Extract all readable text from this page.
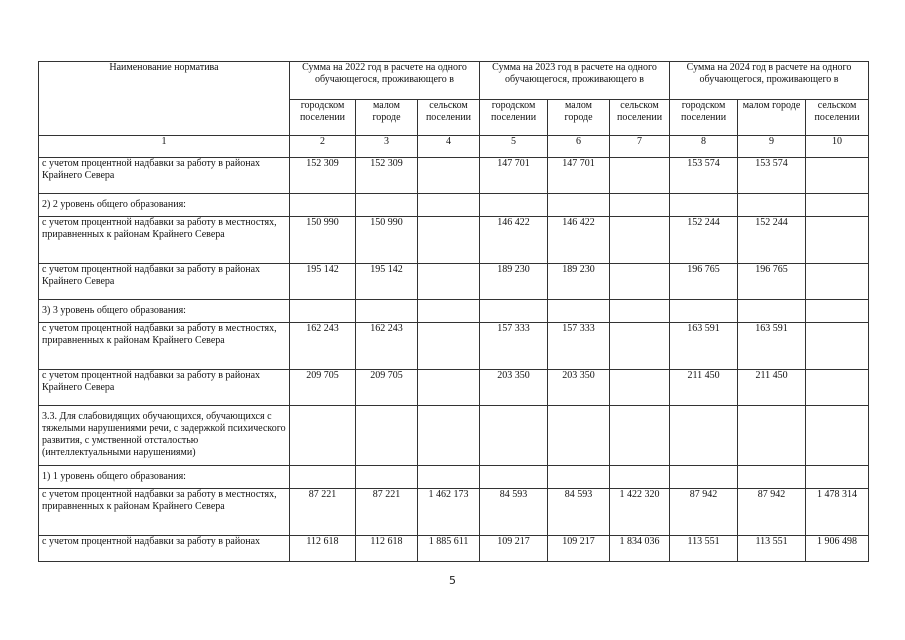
Наименование норматива	Сумма на 2022 год в расчете на одного обучающегося, проживающего в			Сумма на 2023 год в расчете на одного обучающегося, проживающего в			Сумма на 2024 год в расчете на одного обучающегося, проживающего в		
	городском поселении	малом городе	сельском поселении	городском поселении	малом городе	сельском поселении	городском поселении	малом городе	сельском поселении
1	2	3	4	5	6	7	8	9	10
с учетом процентной надбавки за работу в районах Крайнего Севера	152 309	152 309		147 701	147 701		153 574	153 574	
2) 2 уровень общего образования:									
с учетом процентной надбавки за работу в местностях, приравненных к районам Крайнего Севера	150 990	150 990		146 422	146 422		152 244	152 244	
с учетом процентной надбавки за работу в районах Крайнего Севера	195 142	195 142		189 230	189 230		196 765	196 765	
3) 3 уровень общего образования:									
с учетом процентной надбавки за работу в местностях, приравненных к районам Крайнего Севера	162 243	162 243		157 333	157 333		163 591	163 591	
с учетом процентной надбавки за работу в районах Крайнего Севера	209 705	209 705		203 350	203 350		211 450	211 450	
3.3. Для слабовидящих обучающихся, обучающихся с тяжелыми нарушениями речи, с задержкой психического развития, с умственной отсталостью (интеллектуальными нарушениями)									
1) 1 уровень общего образования:									
с учетом процентной надбавки за работу в местностях, приравненных к районам Крайнего Севера	87 221	87 221	1 462 173	84 593	84 593	1 422 320	87 942	87 942	1 478 314
с учетом процентной надбавки за работу в районах	112 618	112 618	1 885 611	109 217	109 217	1 834 036	113 551	113 551	1 906 498
5
